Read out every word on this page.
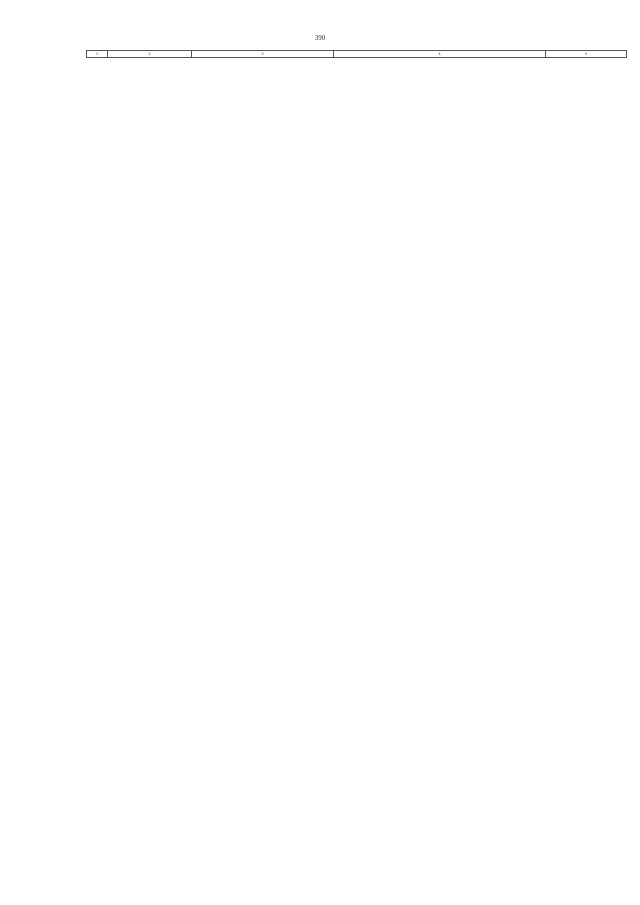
390
1	2	3	4	5
